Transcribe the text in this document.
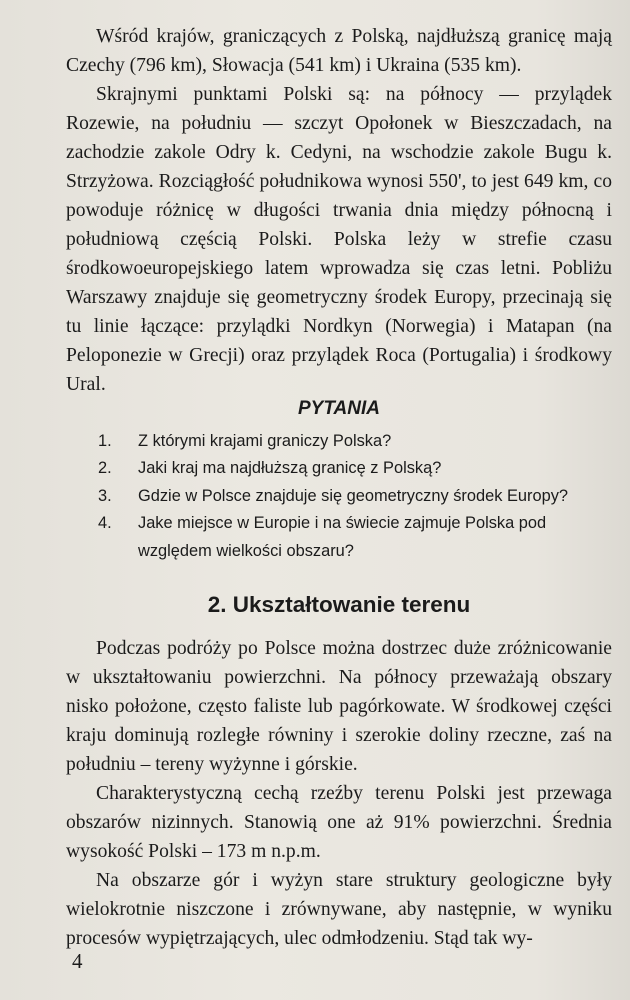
Wśród krajów, graniczących z Polską, najdłuższą granicę mają Czechy (796 km), Słowacja (541 km) i Ukraina (535 km).

Skrajnymi punktami Polski są: na północy — przylądek Rozewie, na południu — szczyt Opołonek w Bieszczadach, na zachodzie zakole Odry k. Cedyni, na wschodzie zakole Bugu k. Strzyżowa. Rozciągłość południkowa wynosi 550', to jest 649 km, co powoduje różnicę w długości trwania dnia między północną i południową częścią Polski. Polska leży w strefie czasu środkowoeuropejskiego latem wprowadza się czas letni. Pobliżu Warszawy znajduje się geometryczny środek Europy, przecinają się tu linie łączące: przylądki Nordkyn (Norwegia) i Matapan (na Peloponezie w Grecji) oraz przylądek Roca (Portugalia) i środkowy Ural.

PYTANIA
1. Z którymi krajami graniczy Polska?
2. Jaki kraj ma najdłuższą granicę z Polską?
3. Gdzie w Polsce znajduje się geometryczny środek Europy?
4. Jake miejsce w Europie i na świecie zajmuje Polska pod względem wielkości obszaru?
2. Ukształtowanie terenu

Podczas podróży po Polsce można dostrzec duże zróżnicowanie w ukształtowaniu powierzchni. Na północy przeważają obszary nisko położone, często faliste lub pagórkowate. W środkowej części kraju dominują rozległe równiny i szerokie doliny rzeczne, zaś na południu – tereny wyżynne i górskie.

Charakterystyczną cechą rzeźby terenu Polski jest przewaga obszarów nizinnych. Stanowią one aż 91% powierzchni. Średnia wysokość Polski – 173 m n.p.m.

Na obszarze gór i wyżyn stare struktury geologiczne były wielokrotnie niszczone i zrównywane, aby następnie, w wyniku procesów wypiętrzających, ulec odmłodzeniu. Stąd tak wy-

4
